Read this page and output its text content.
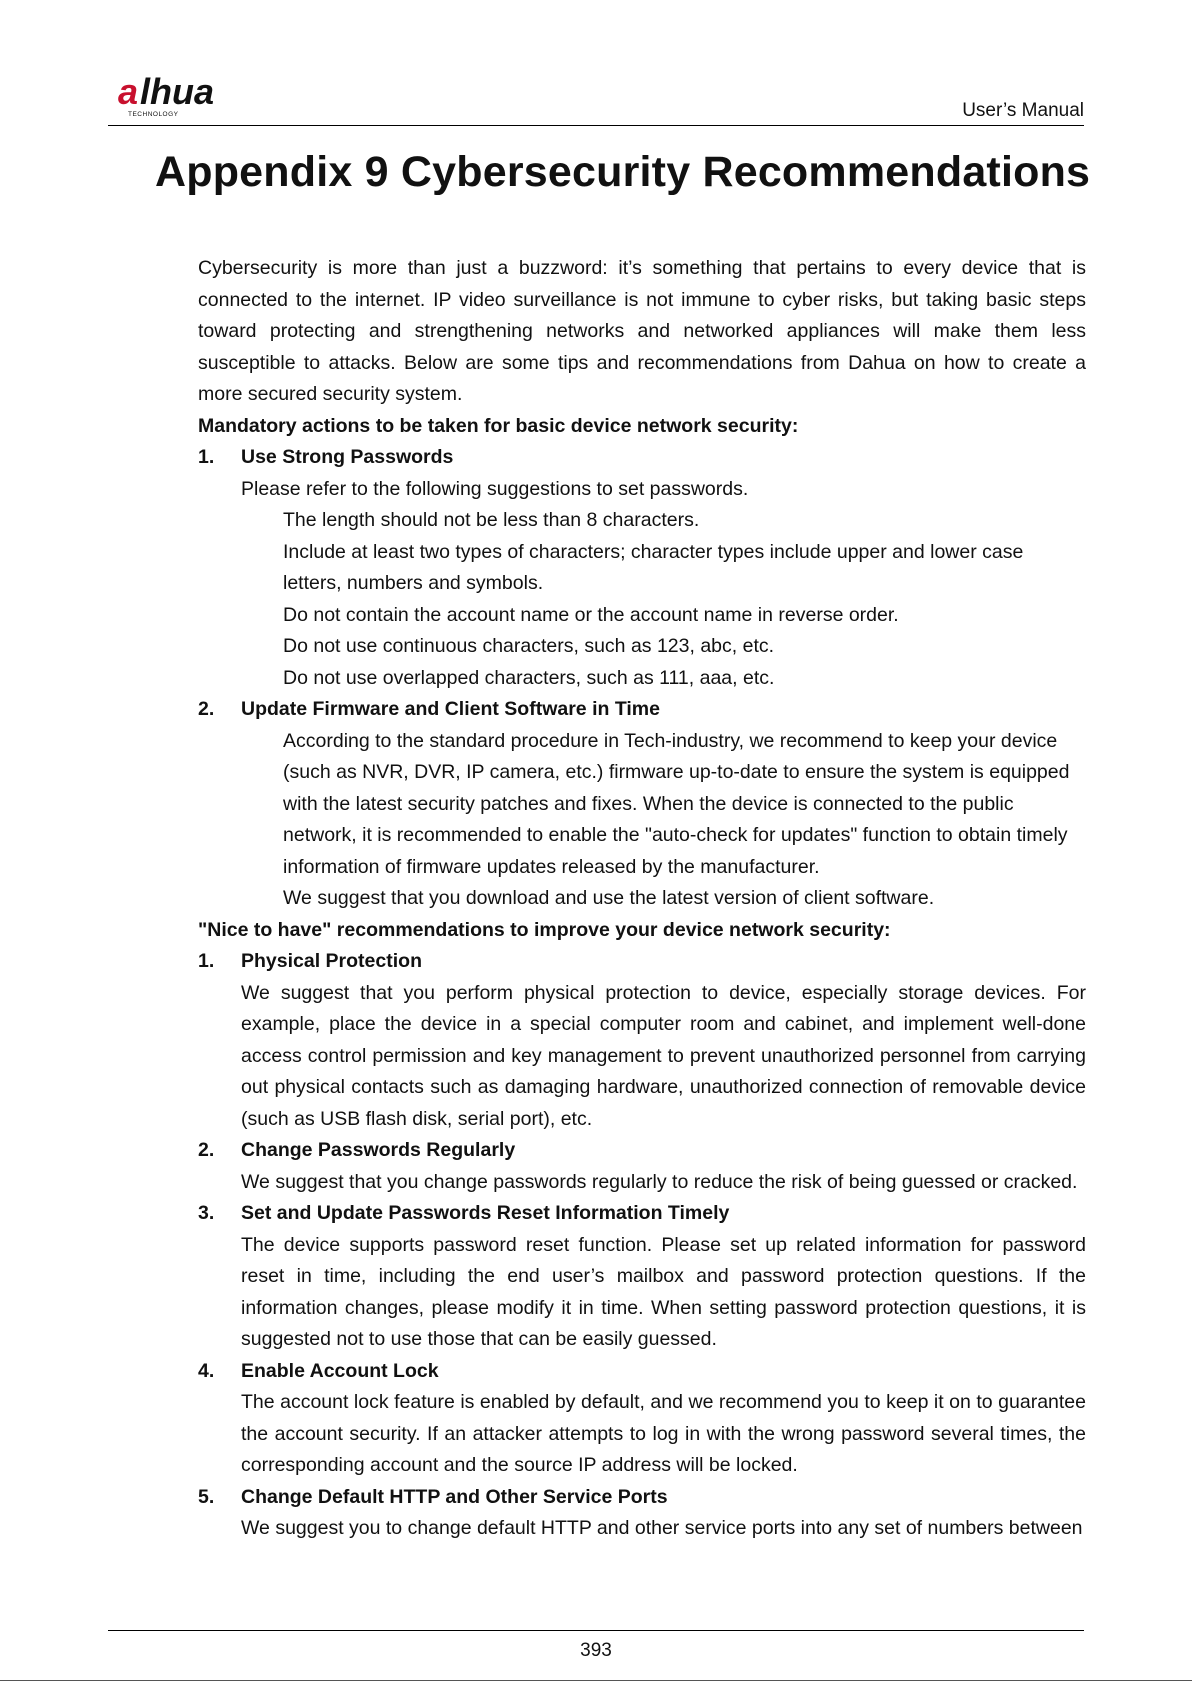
a lhua
TECHNOLOGY	User’s Manual
Appendix 9 Cybersecurity Recommendations

Cybersecurity is more than just a buzzword: it’s something that pertains to every device that is connected to the internet. IP video surveillance is not immune to cyber risks, but taking basic steps toward protecting and strengthening networks and networked appliances will make them less susceptible to attacks. Below are some tips and recommendations from Dahua on how to create a more secured security system.

Mandatory actions to be taken for basic device network security:

1.	Use Strong Passwords

Please refer to the following suggestions to set passwords.

The length should not be less than 8 characters.

Include at least two types of characters; character types include upper and lower case letters, numbers and symbols.

Do not contain the account name or the account name in reverse order.

Do not use continuous characters, such as 123, abc, etc.

Do not use overlapped characters, such as 111, aaa, etc.

2.	Update Firmware and Client Software in Time

According to the standard procedure in Tech-industry, we recommend to keep your device (such as NVR, DVR, IP camera, etc.) firmware up-to-date to ensure the system is equipped with the latest security patches and fixes. When the device is connected to the public network, it is recommended to enable the "auto-check for updates" function to obtain timely information of firmware updates released by the manufacturer.

We suggest that you download and use the latest version of client software.

"Nice to have" recommendations to improve your device network security:

1.	Physical Protection

We suggest that you perform physical protection to device, especially storage devices. For example, place the device in a special computer room and cabinet, and implement well-done access control permission and key management to prevent unauthorized personnel from carrying out physical contacts such as damaging hardware, unauthorized connection of removable device (such as USB flash disk, serial port), etc.

2.	Change Passwords Regularly

We suggest that you change passwords regularly to reduce the risk of being guessed or cracked.

3.	Set and Update Passwords Reset Information Timely

The device supports password reset function. Please set up related information for password reset in time, including the end user’s mailbox and password protection questions. If the information changes, please modify it in time. When setting password protection questions, it is suggested not to use those that can be easily guessed.

4.	Enable Account Lock

The account lock feature is enabled by default, and we recommend you to keep it on to guarantee the account security. If an attacker attempts to log in with the wrong password several times, the corresponding account and the source IP address will be locked.

5.	Change Default HTTP and Other Service Ports

We suggest you to change default HTTP and other service ports into any set of numbers between

393
